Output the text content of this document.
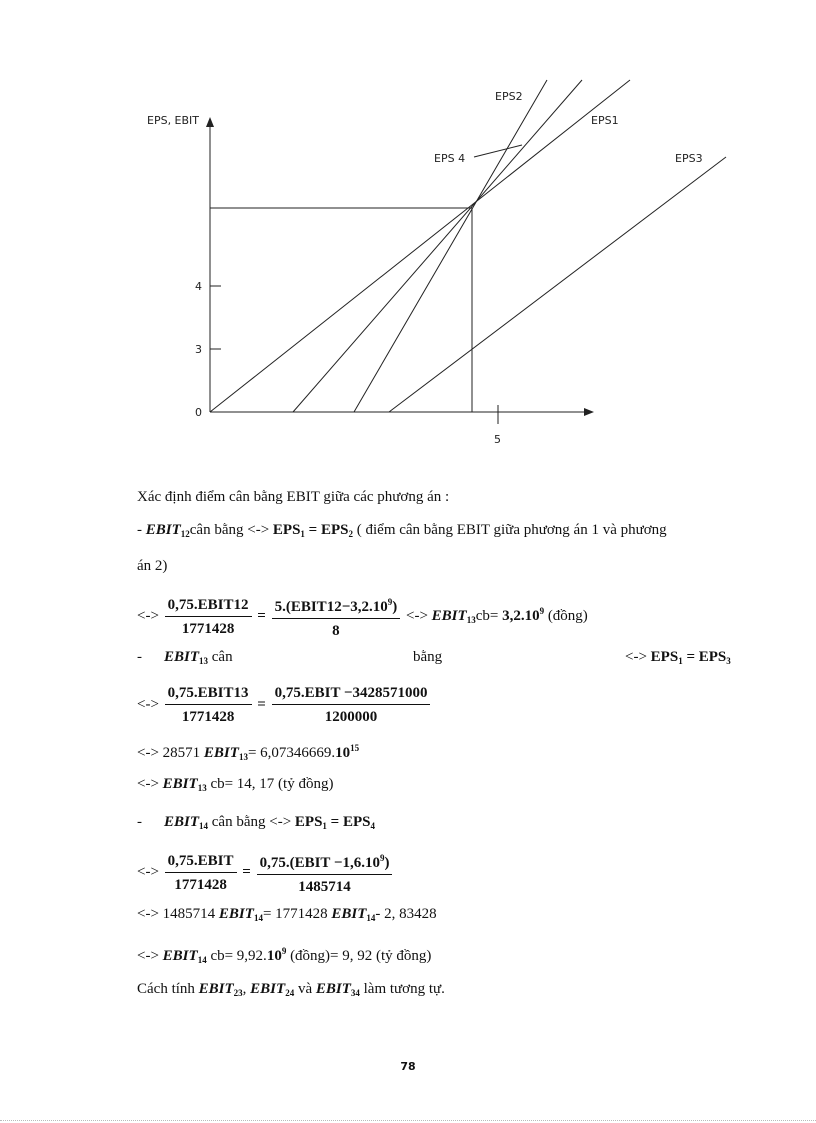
0
3
4
5
EPS, EBIT
EPS2
EPS1
EPS3
EPS 4
Xác định điểm cân bằng EBIT giữa các phương án :
- $EBIT_{12}cân$ bằng <-> $EPS_1 = EPS_2$ ( điểm cân bằng EBIT giữa phương án 1 và phương
án 2)
<-> $\frac{\text{0,75.EBIT12}}{1771428} = \frac{5.(EBIT12-3,2.10^9)}{8}$ <-> $EBIT_{13}cb= 3,2.10^9$ (đồng)
- $EBIT_{13}$ cân	bằng	<-> $EPS_1 = EPS_3$
<-> $\frac{\text{0,75.EBIT13}}{1771428} = \frac{\text{0,75.EBIT −3428571000}}{1200000}$
<-> 28571 $EBIT_{13}= 6,07346669.10^{15}$
<-> $EBIT_{13}$ cb= 14, 17 (tỷ đồng)
- $EBIT_{14}$ cân bằng <-> $EPS_1 = EPS_4$
<-> $\frac{\text{0,75.EBIT}}{1771428} = \frac{0,75.(EBIT -1,6.10^9)}{1485714}$
<-> 1485714 $EBIT_{14}= 1771428$ $EBIT_{14}-$ 2, 83428
<-> $EBIT_{14}$ $cb= 9,92.10^9$ (đồng)= 9, 92 (tỷ đồng)
Cách tính $EBIT_{23}$, $EBIT_{24}$ và $EBIT_{34}$ làm tương tự.
78
